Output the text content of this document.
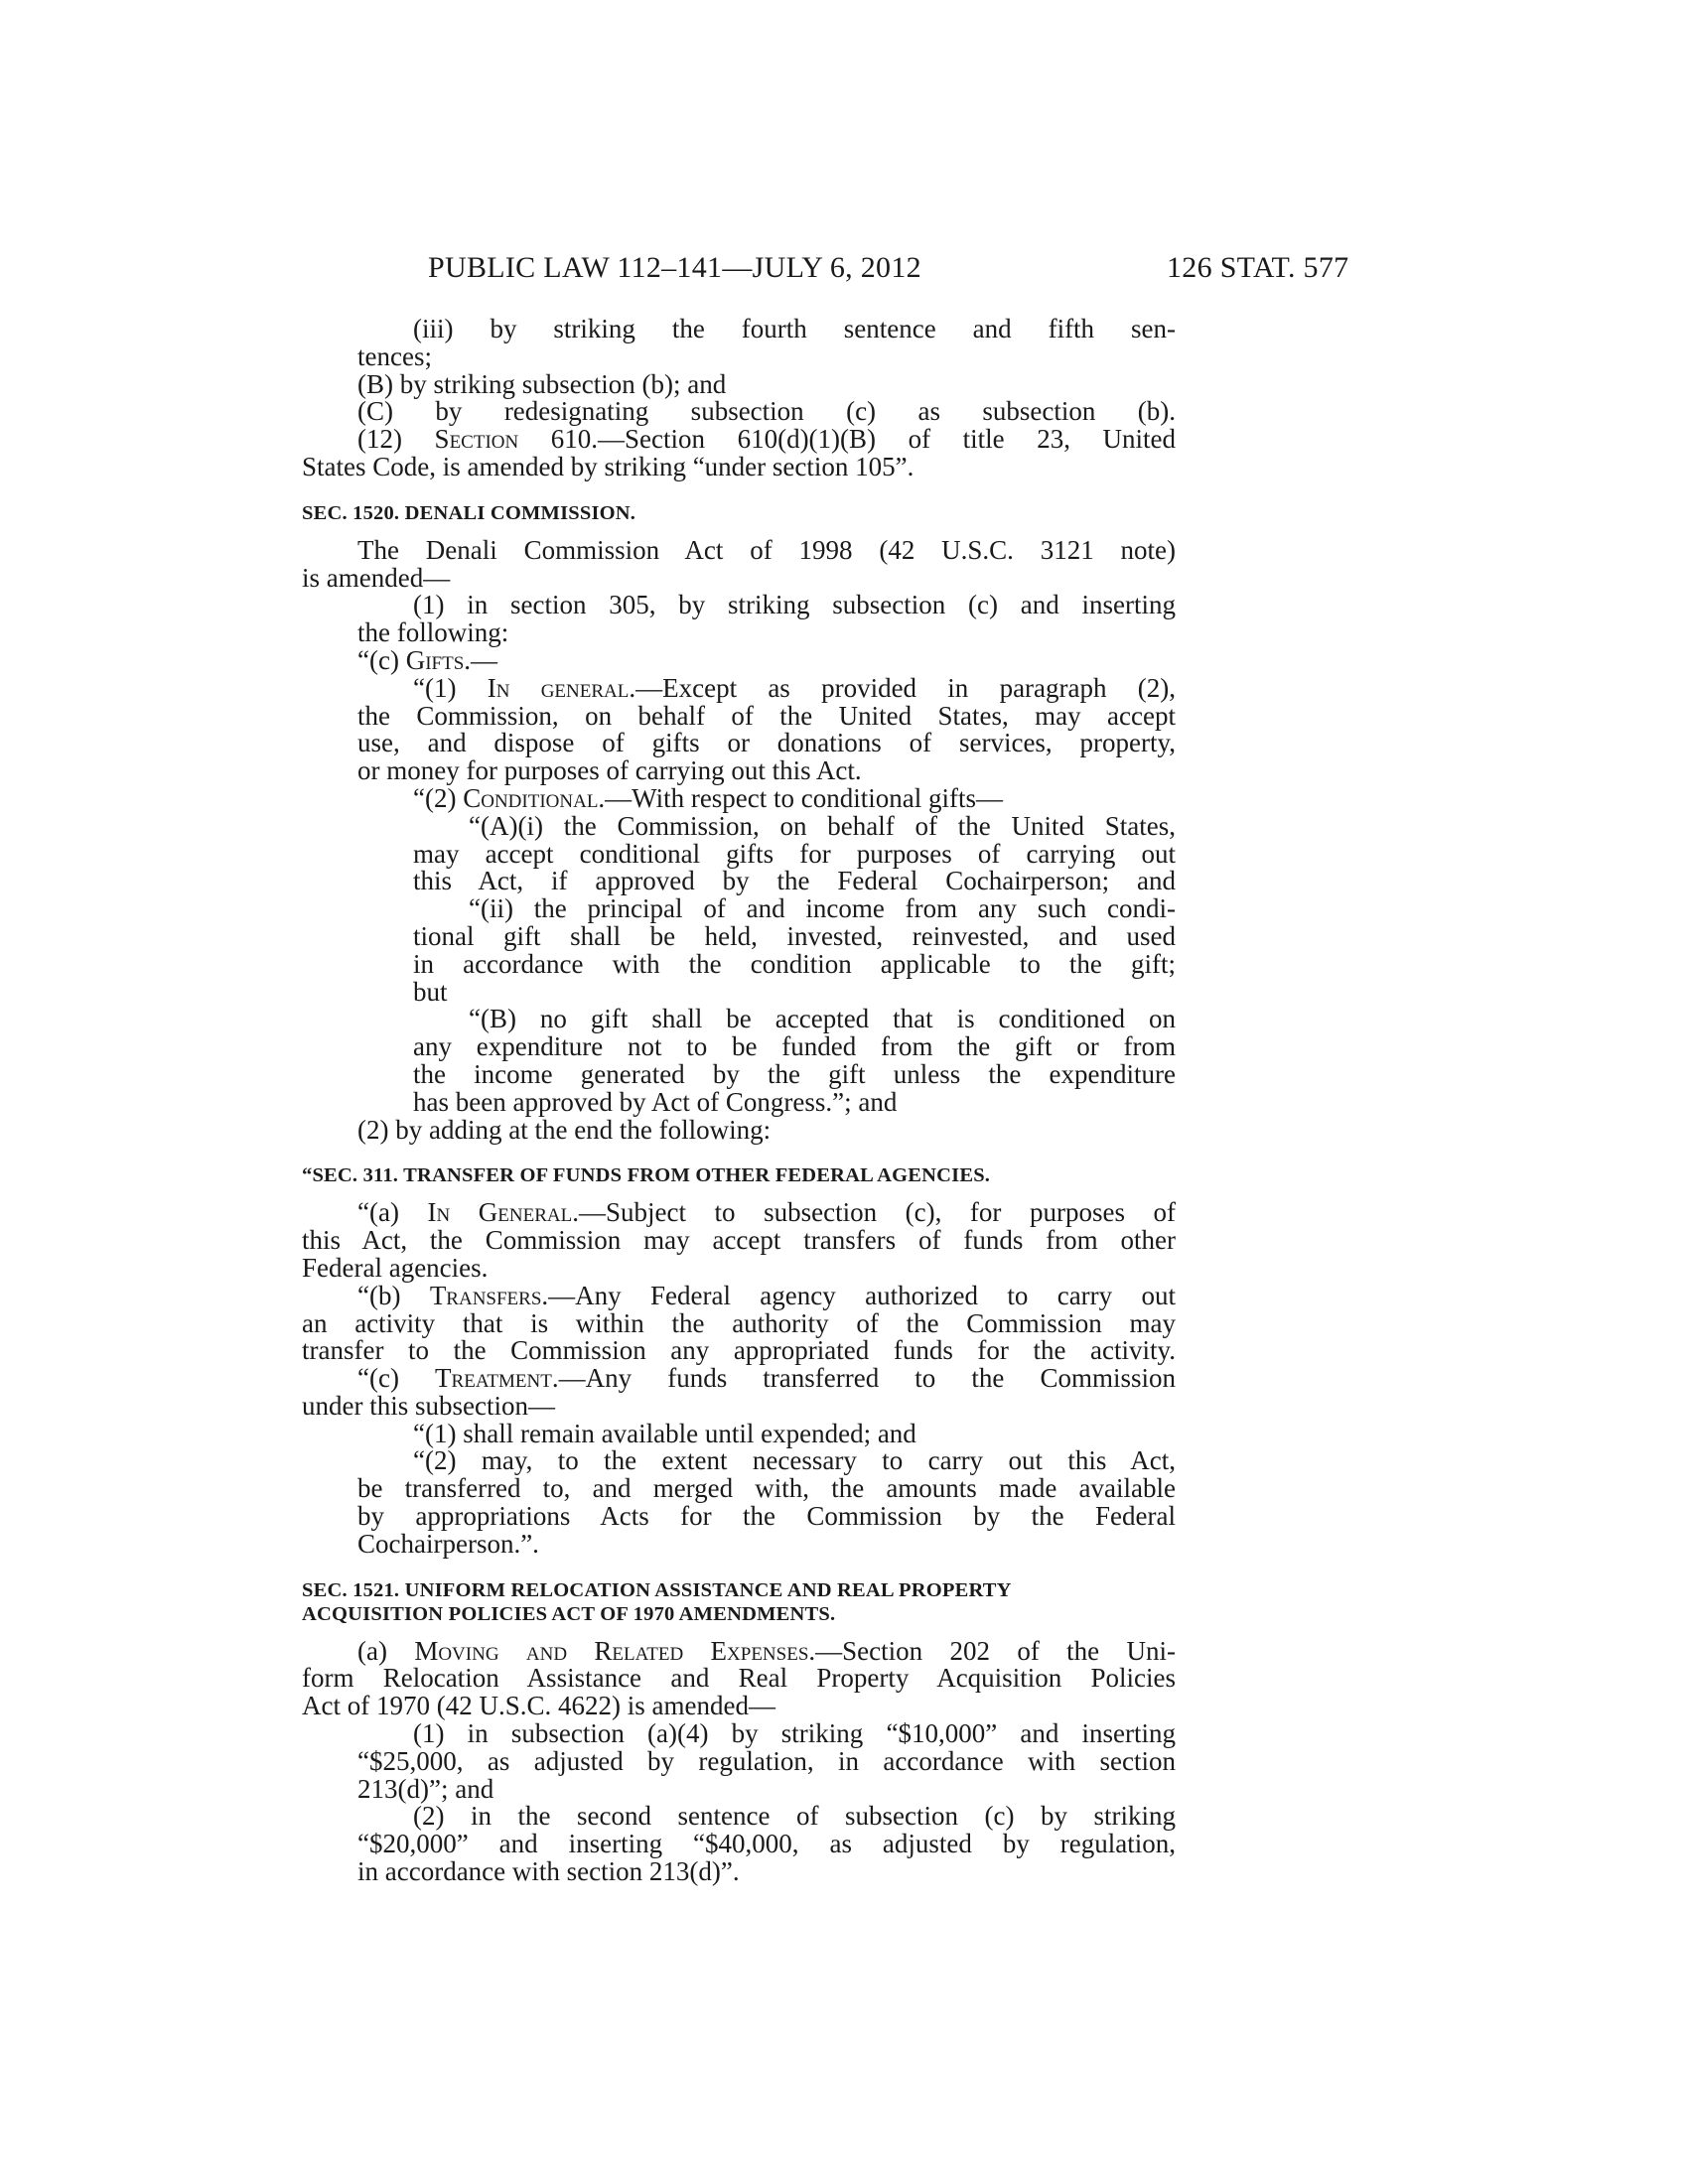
PUBLIC LAW 112–141—JULY 6, 2012	126 STAT. 577
(iii) by striking the fourth sentence and fifth sen-
tences;
(B) by striking subsection (b); and
(C) by redesignating subsection (c) as subsection (b).
(12) Section 610.—Section 610(d)(1)(B) of title 23, United
States Code, is amended by striking “under section 105”.
SEC. 1520. DENALI COMMISSION.
The Denali Commission Act of 1998 (42 U.S.C. 3121 note)
is amended—
(1) in section 305, by striking subsection (c) and inserting
the following:
“(c) Gifts.—
“(1) In general.—Except as provided in paragraph (2),
the Commission, on behalf of the United States, may accept
use, and dispose of gifts or donations of services, property,
or money for purposes of carrying out this Act.
“(2) Conditional.—With respect to conditional gifts—
“(A)(i) the Commission, on behalf of the United States,
may accept conditional gifts for purposes of carrying out
this Act, if approved by the Federal Cochairperson; and
“(ii) the principal of and income from any such condi-
tional gift shall be held, invested, reinvested, and used
in accordance with the condition applicable to the gift;
but
“(B) no gift shall be accepted that is conditioned on
any expenditure not to be funded from the gift or from
the income generated by the gift unless the expenditure
has been approved by Act of Congress.”; and
(2) by adding at the end the following:
“SEC. 311. TRANSFER OF FUNDS FROM OTHER FEDERAL AGENCIES.
“(a) In General.—Subject to subsection (c), for purposes of
this Act, the Commission may accept transfers of funds from other
Federal agencies.
“(b) Transfers.—Any Federal agency authorized to carry out
an activity that is within the authority of the Commission may
transfer to the Commission any appropriated funds for the activity.
“(c) Treatment.—Any funds transferred to the Commission
under this subsection—
“(1) shall remain available until expended; and
“(2) may, to the extent necessary to carry out this Act,
be transferred to, and merged with, the amounts made available
by appropriations Acts for the Commission by the Federal
Cochairperson.”.
SEC. 1521. UNIFORM RELOCATION ASSISTANCE AND REAL PROPERTY
ACQUISITION POLICIES ACT OF 1970 AMENDMENTS.
(a) Moving and Related Expenses.—Section 202 of the Uni-
form Relocation Assistance and Real Property Acquisition Policies
Act of 1970 (42 U.S.C. 4622) is amended—
(1) in subsection (a)(4) by striking “$10,000” and inserting
“$25,000, as adjusted by regulation, in accordance with section
213(d)”; and
(2) in the second sentence of subsection (c) by striking
“$20,000” and inserting “$40,000, as adjusted by regulation,
in accordance with section 213(d)”.
